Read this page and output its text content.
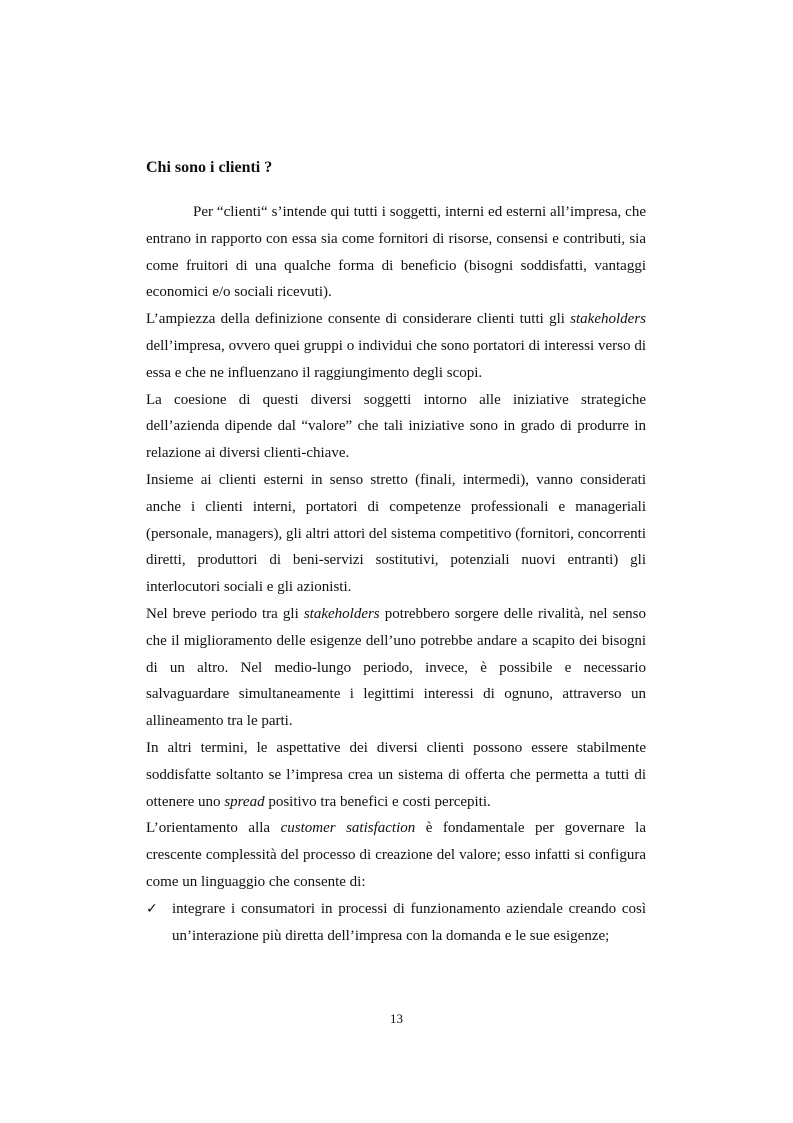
Chi sono i clienti ?

Per “clienti“ s’intende qui tutti i soggetti, interni ed esterni all’impresa, che entrano in rapporto con essa sia come fornitori di risorse, consensi e contributi, sia come fruitori di una qualche forma di beneficio (bisogni soddisfatti, vantaggi economici e/o sociali ricevuti).

L’ampiezza della definizione consente di considerare clienti tutti gli stakeholders dell’impresa, ovvero quei gruppi o individui che sono portatori di interessi verso di essa e che ne influenzano il raggiungimento degli scopi.

La coesione di questi diversi soggetti intorno alle iniziative strategiche dell’azienda dipende dal “valore” che tali iniziative sono in grado di produrre in relazione ai diversi clienti-chiave.

Insieme ai clienti esterni in senso stretto (finali, intermedi), vanno considerati anche i clienti interni, portatori di competenze professionali e manageriali (personale, managers), gli altri attori del sistema competitivo (fornitori, concorrenti diretti, produttori di beni-servizi sostitutivi, potenziali nuovi entranti) gli interlocutori sociali e gli azionisti.

Nel breve periodo tra gli stakeholders potrebbero sorgere delle rivalità, nel senso che il miglioramento delle esigenze dell’uno potrebbe andare a scapito dei bisogni di un altro. Nel medio-lungo periodo, invece, è possibile e necessario salvaguardare simultaneamente i legittimi interessi di ognuno, attraverso un allineamento tra le parti.

In altri termini, le aspettative dei diversi clienti possono essere stabilmente soddisfatte soltanto se l’impresa crea un sistema di offerta che permetta a tutti di ottenere uno spread positivo tra benefici e costi percepiti.

L’orientamento alla customer satisfaction è fondamentale per governare la crescente complessità del processo di creazione del valore; esso infatti si configura come un linguaggio che consente di:

✓ integrare i consumatori in processi di funzionamento aziendale creando così un’interazione più diretta dell’impresa con la domanda e le sue esigenze;
13
